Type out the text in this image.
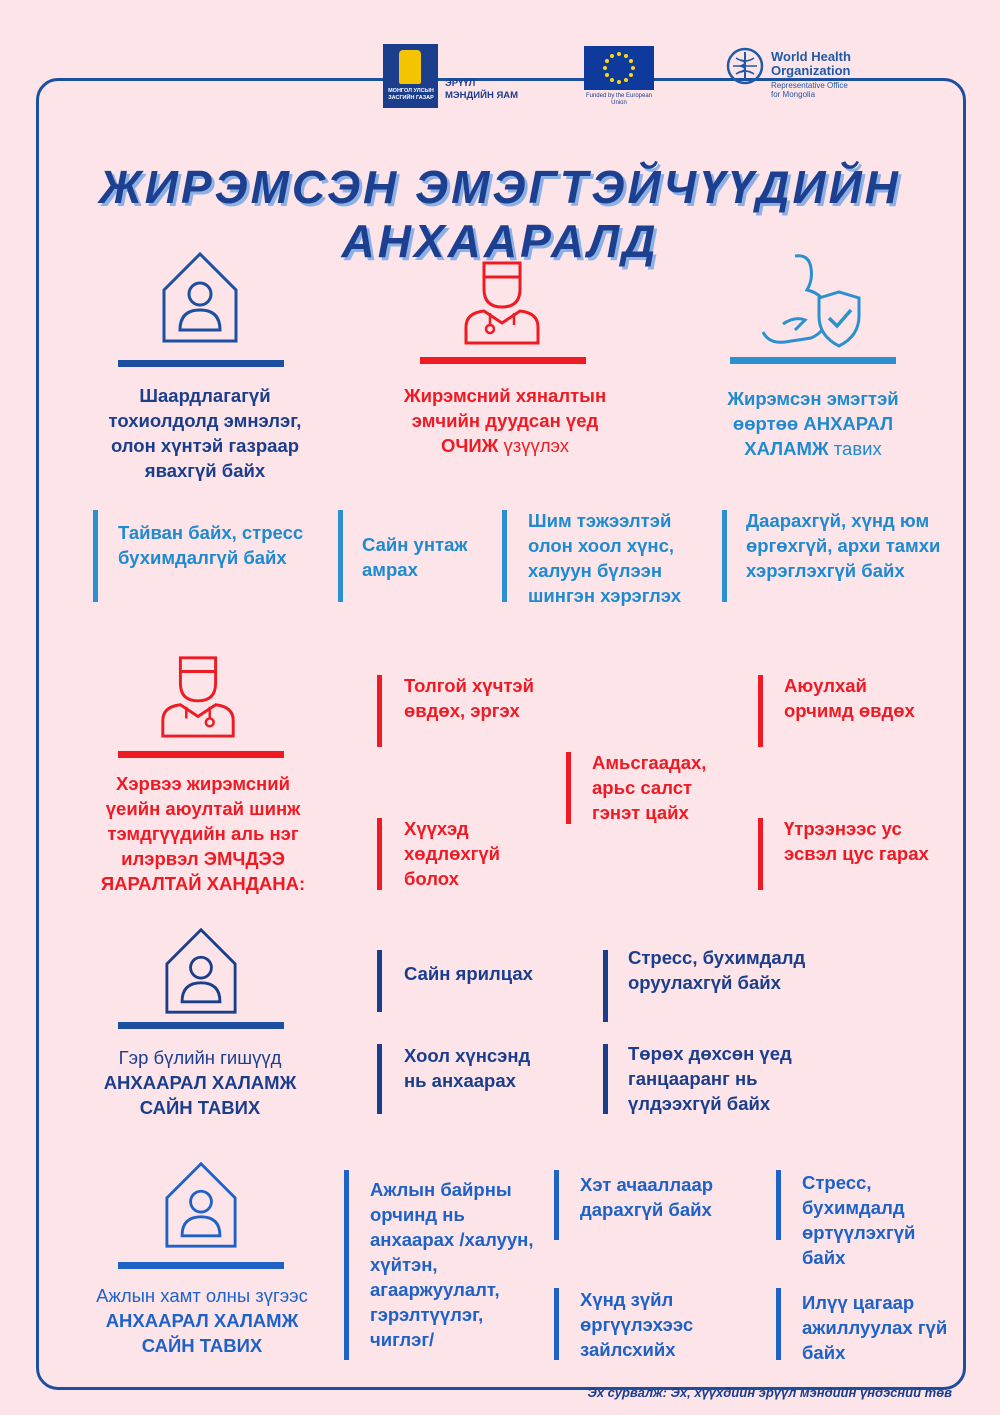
МОНГОЛ УЛСЫН ЗАСГИЙН ГАЗАР
ЭРҮҮЛ
МЭНДИЙН ЯАМ	Funded by the European Union
World Health
Organization
Representative Office
for Mongolia
ЖИРЭМСЭН ЭМЭГТЭЙЧҮҮДИЙН АНХААРАЛД
Шаардлагагүй тохиолдолд эмнэлэг, олон хүнтэй газраар явахгүй байх
Жирэмсний хяналтын эмчийн дуудсан үед ОЧИЖ үзүүлэх
Жирэмсэн эмэгтэй өөртөө АНХАРАЛ ХАЛАМЖ тавих
Тайван байх, стресс бухимдалгүй байх
Сайн унтаж амрах
Шим тэжээлтэй олон хоол хүнс, халуун бүлээн шингэн хэрэглэх
Даарахгүй, хүнд юм өргөхгүй, архи тамхи хэрэглэхгүй байх
Хэрвээ жирэмсний үеийн аюултай шинж тэмдгүүдийн аль нэг илэрвэл ЭМЧДЭЭ ЯАРАЛТАЙ ХАНДАНА:
Толгой хүчтэй өвдөх, эргэх
Амьсгаадах, арьс салст гэнэт цайх
Аюулхай орчимд өвдөх
Хүүхэд хөдлөхгүй болох
Үтрээнээс ус эсвэл цус гарах
Гэр бүлийн гишүүд АНХААРАЛ ХАЛАМЖ САЙН ТАВИХ
Сайн ярилцах
Стресс, бухимдалд оруулахгүй байх
Хоол хүнсэнд нь анхаарах
Төрөх дөхсөн үед ганцааранг нь үлдээхгүй байх
Ажлын хамт олны зүгээс АНХААРАЛ ХАЛАМЖ САЙН ТАВИХ
Ажлын байрны орчинд нь анхаарах /халуун, хүйтэн, агааржуулалт, гэрэлтүүлэг, чиглэг/
Хэт ачааллаар дарахгүй байх
Стресс, бухимдалд өртүүлэхгүй байх
Хүнд зүйл өргүүлэхээс зайлсхийх
Илүү цагаар ажиллуулах гүй байх
Эх сурвалж: Эх, хүүхдийн эрүүл мэндийн үндэсний төв
